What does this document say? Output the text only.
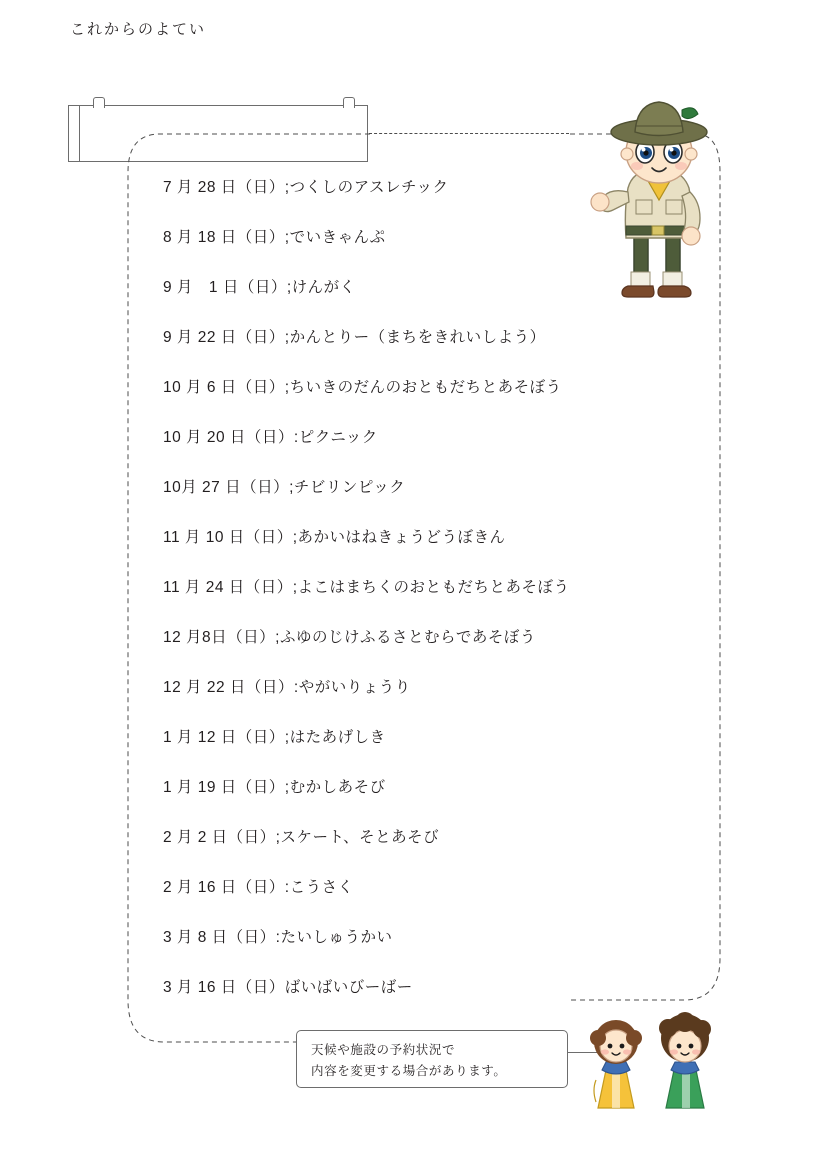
これからのよてい
7 月 28 日（日）;つくしのアスレチック
8 月 18 日（日）;でいきゃんぷ
9 月　1 日（日）;けんがく
9 月 22 日（日）;かんとりー（まちをきれいしよう）
10 月 6 日（日）;ちいきのだんのおともだちとあそぼう
10 月 20 日（日）:ピクニック
10月 27 日（日）;チビリンピック
11 月 10 日（日）;あかいはねきょうどうぼきん
11 月 24 日（日）;よこはまちくのおともだちとあそぼう
12 月8日（日）;ふゆのじけふるさとむらであそぼう
12 月 22 日（日）:やがいりょうり
1 月 12 日（日）;はたあげしき
1 月 19 日（日）;むかしあそび
2 月 2 日（日）;スケート、そとあそび
2 月 16 日（日）:こうさく
3 月 8 日（日）:たいしゅうかい
3 月 16 日（日）ばいばいびーばー
天候や施設の予約状況で
内容を変更する場合があります。
